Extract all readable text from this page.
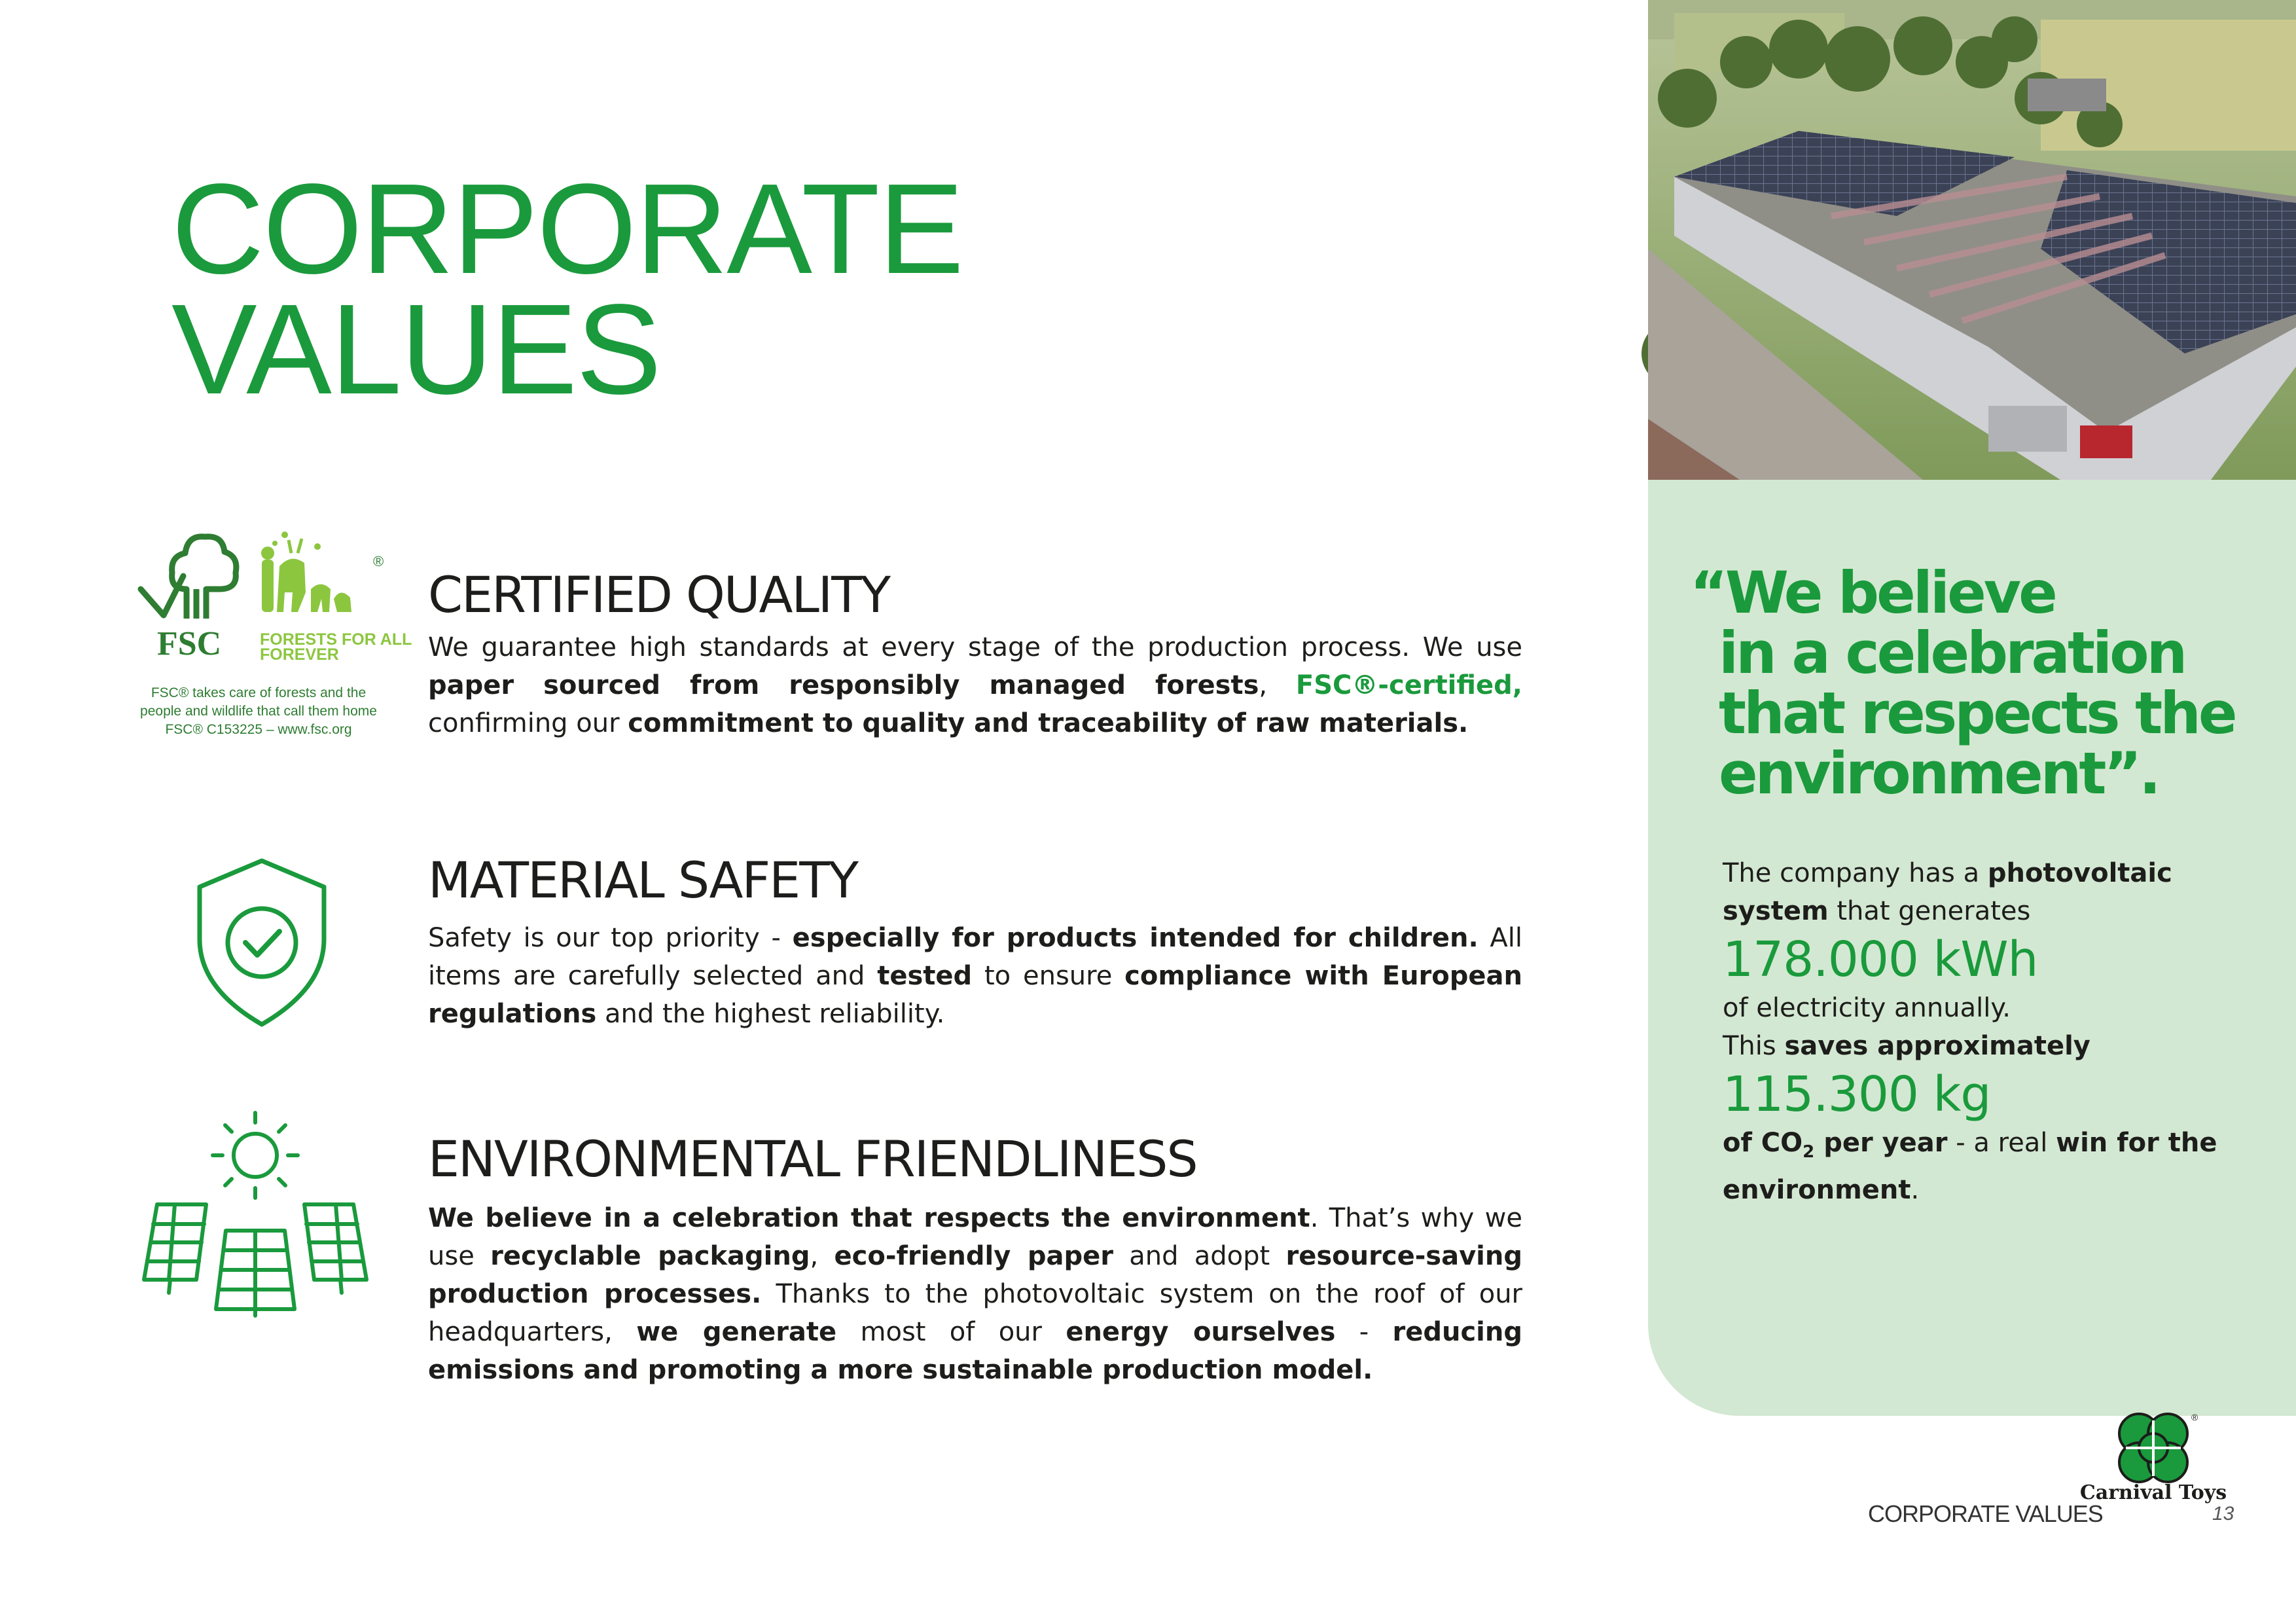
CORPORATE
VALUES
FSC FORESTS FOR ALL
FOREVER
®
FSC® takes care of forests and the
people and wildlife that call them home
FSC® C153225 – www.fsc.org
CERTIFIED QUALITY
We guarantee high standards at every stage of the production process. We use paper sourced from responsibly managed forests, FSC®-certified, confirming our commitment to quality and traceability of raw materials.
MATERIAL SAFETY
Safety is our top priority - especially for products intended for children. All items are carefully selected and tested to ensure compliance with European regulations and the highest reliability.
ENVIRONMENTAL FRIENDLINESS
We believe in a celebration that respects the environment. That’s why we use recyclable packaging, eco-friendly paper and adopt resource-saving production processes. Thanks to the photovoltaic system on the roof of our headquarters, we generate most of our energy ourselves - reducing emissions and promoting a more sustainable production model.
“We believe
in a celebration
that respects the
environment”.
The company has a photovoltaic system that generates
178.000 kWh
of electricity annually.
This saves approximately
115.300 kg
of $CO_2$ per year - a real win for the environment.
Carnival Toys
®
CORPORATE VALUES	13
